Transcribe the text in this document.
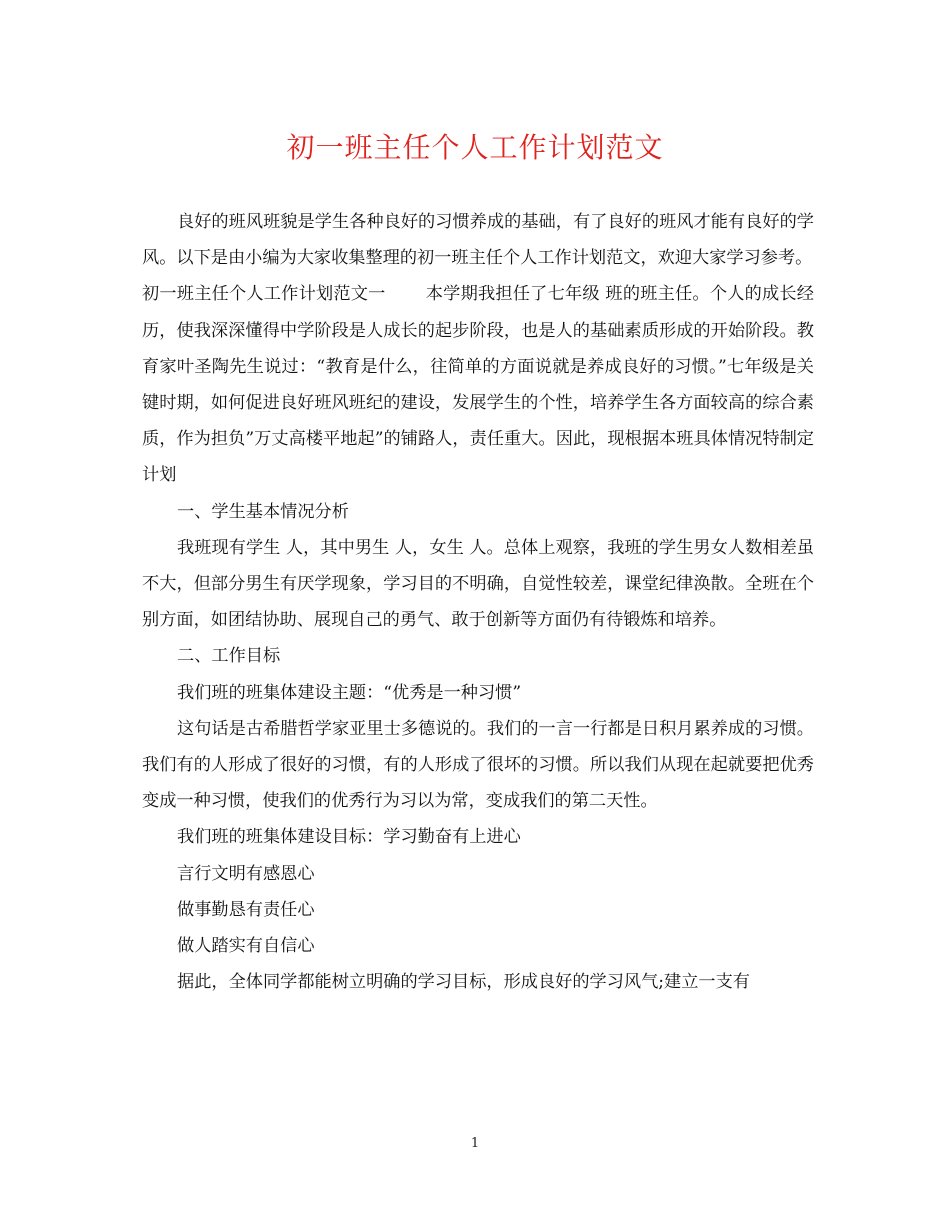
初一班主任个人工作计划范文

良好的班风班貌是学生各种良好的习惯养成的基础，有了良好的班风才能有良好的学风。以下是由小编为大家收集整理的初一班主任个人工作计划范文，欢迎大家学习参考。

初一班主任个人工作计划范文一 本学期我担任了七年级 班的班主任。个人的成长经历，使我深深懂得中学阶段是人成长的起步阶段，也是人的基础素质形成的开始阶段。教育家叶圣陶先生说过：“教育是什么，往简单的方面说就是养成良好的习惯。”七年级是关键时期，如何促进良好班风班纪的建设，发展学生的个性，培养学生各方面较高的综合素质，作为担负”万丈高楼平地起”的铺路人，责任重大。因此，现根据本班具体情况特制定计划

一、学生基本情况分析

我班现有学生 人，其中男生 人，女生 人。总体上观察，我班的学生男女人数相差虽不大，但部分男生有厌学现象，学习目的不明确，自觉性较差，课堂纪律涣散。全班在个别方面，如团结协助、展现自己的勇气、敢于创新等方面仍有待锻炼和培养。

二、工作目标

我们班的班集体建设主题：“优秀是一种习惯”

这句话是古希腊哲学家亚里士多德说的。我们的一言一行都是日积月累养成的习惯。我们有的人形成了很好的习惯，有的人形成了很坏的习惯。所以我们从现在起就要把优秀变成一种习惯，使我们的优秀行为习以为常，变成我们的第二天性。

我们班的班集体建设目标：学习勤奋有上进心

言行文明有感恩心

做事勤恳有责任心

做人踏实有自信心

据此，全体同学都能树立明确的学习目标，形成良好的学习风气;建立一支有

1
